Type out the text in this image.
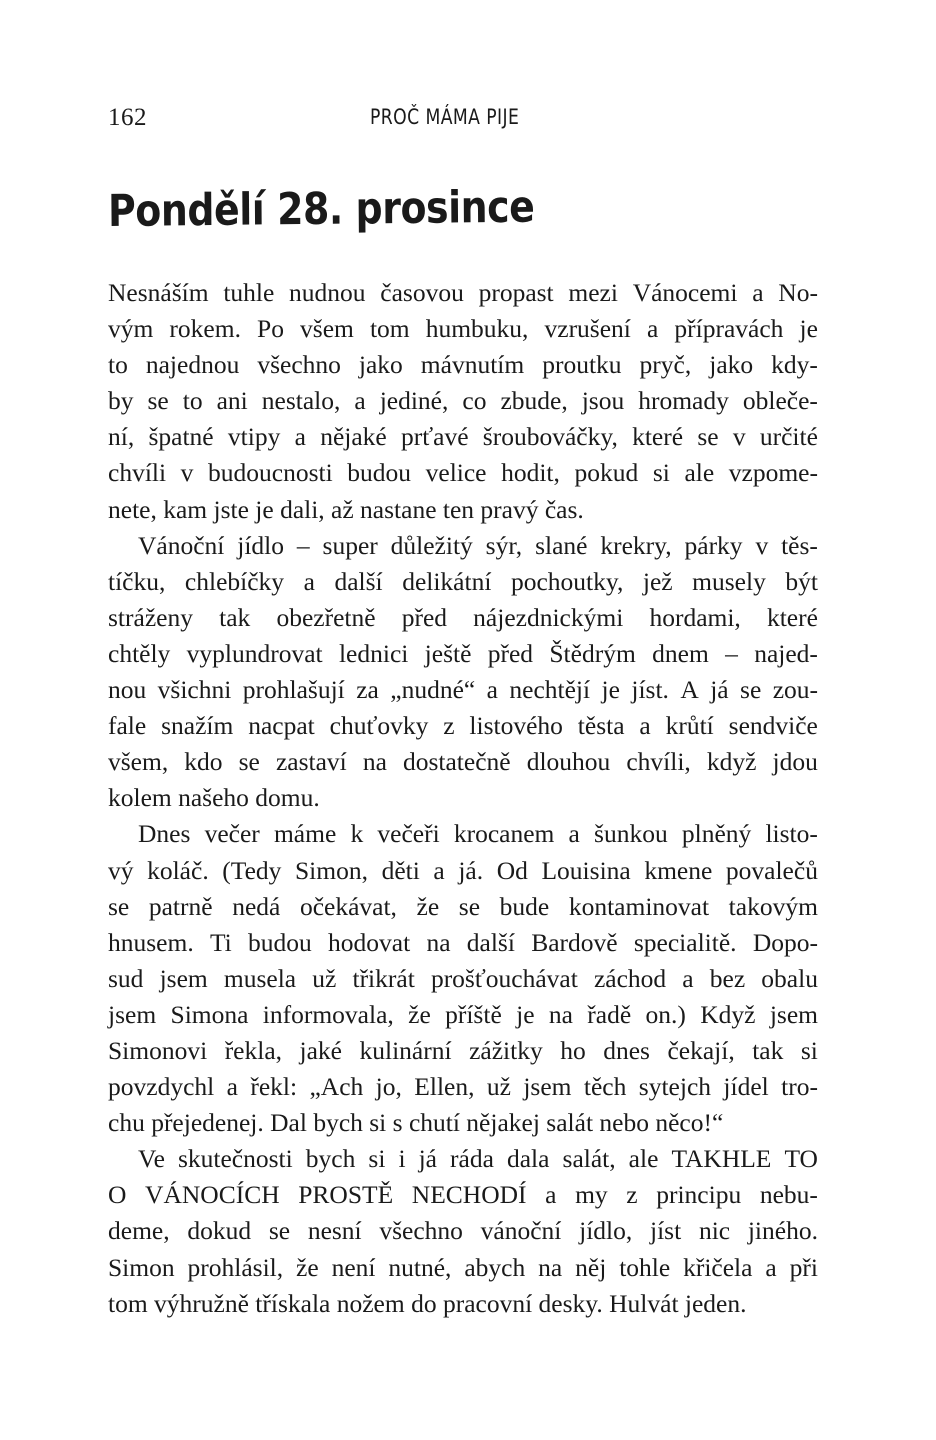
162	PROČ MÁMA PIJE
Pondělí 28. prosince
Nesnáším tuhle nudnou časovou propast mezi Vánocemi a No-
vým rokem. Po všem tom humbuku, vzrušení a přípravách je
to najednou všechno jako mávnutím proutku pryč, jako kdy-
by se to ani nestalo, a jediné, co zbude, jsou hromady obleče-
ní, špatné vtipy a nějaké prťavé šroubováčky, které se v určité
chvíli v budoucnosti budou velice hodit, pokud si ale vzpome-
nete, kam jste je dali, až nastane ten pravý čas.
Vánoční jídlo – super důležitý sýr, slané krekry, párky v těs-
tíčku, chlebíčky a další delikátní pochoutky, jež musely být
stráženy tak obezřetně před nájezdnickými hordami, které
chtěly vyplundrovat lednici ještě před Štědrým dnem – najed-
nou všichni prohlašují za „nudné“ a nechtějí je jíst. A já se zou-
fale snažím nacpat chuťovky z listového těsta a krůtí sendviče
všem, kdo se zastaví na dostatečně dlouhou chvíli, když jdou
kolem našeho domu.
Dnes večer máme k večeři krocanem a šunkou plněný listo-
vý koláč. (Tedy Simon, děti a já. Od Louisina kmene povalečů
se patrně nedá očekávat, že se bude kontaminovat takovým
hnusem. Ti budou hodovat na další Bardově specialitě. Dopo-
sud jsem musela už třikrát prošťouchávat záchod a bez obalu
jsem Simona informovala, že příště je na řadě on.) Když jsem
Simonovi řekla, jaké kulinární zážitky ho dnes čekají, tak si
povzdychl a řekl: „Ach jo, Ellen, už jsem těch sytejch jídel tro-
chu přejedenej. Dal bych si s chutí nějakej salát nebo něco!“
Ve skutečnosti bych si i já ráda dala salát, ale TAKHLE TO
O VÁNOCÍCH PROSTĚ NECHODÍ a my z principu nebu-
deme, dokud se nesní všechno vánoční jídlo, jíst nic jiného.
Simon prohlásil, že není nutné, abych na něj tohle křičela a při
tom výhružně třískala nožem do pracovní desky. Hulvát jeden.
